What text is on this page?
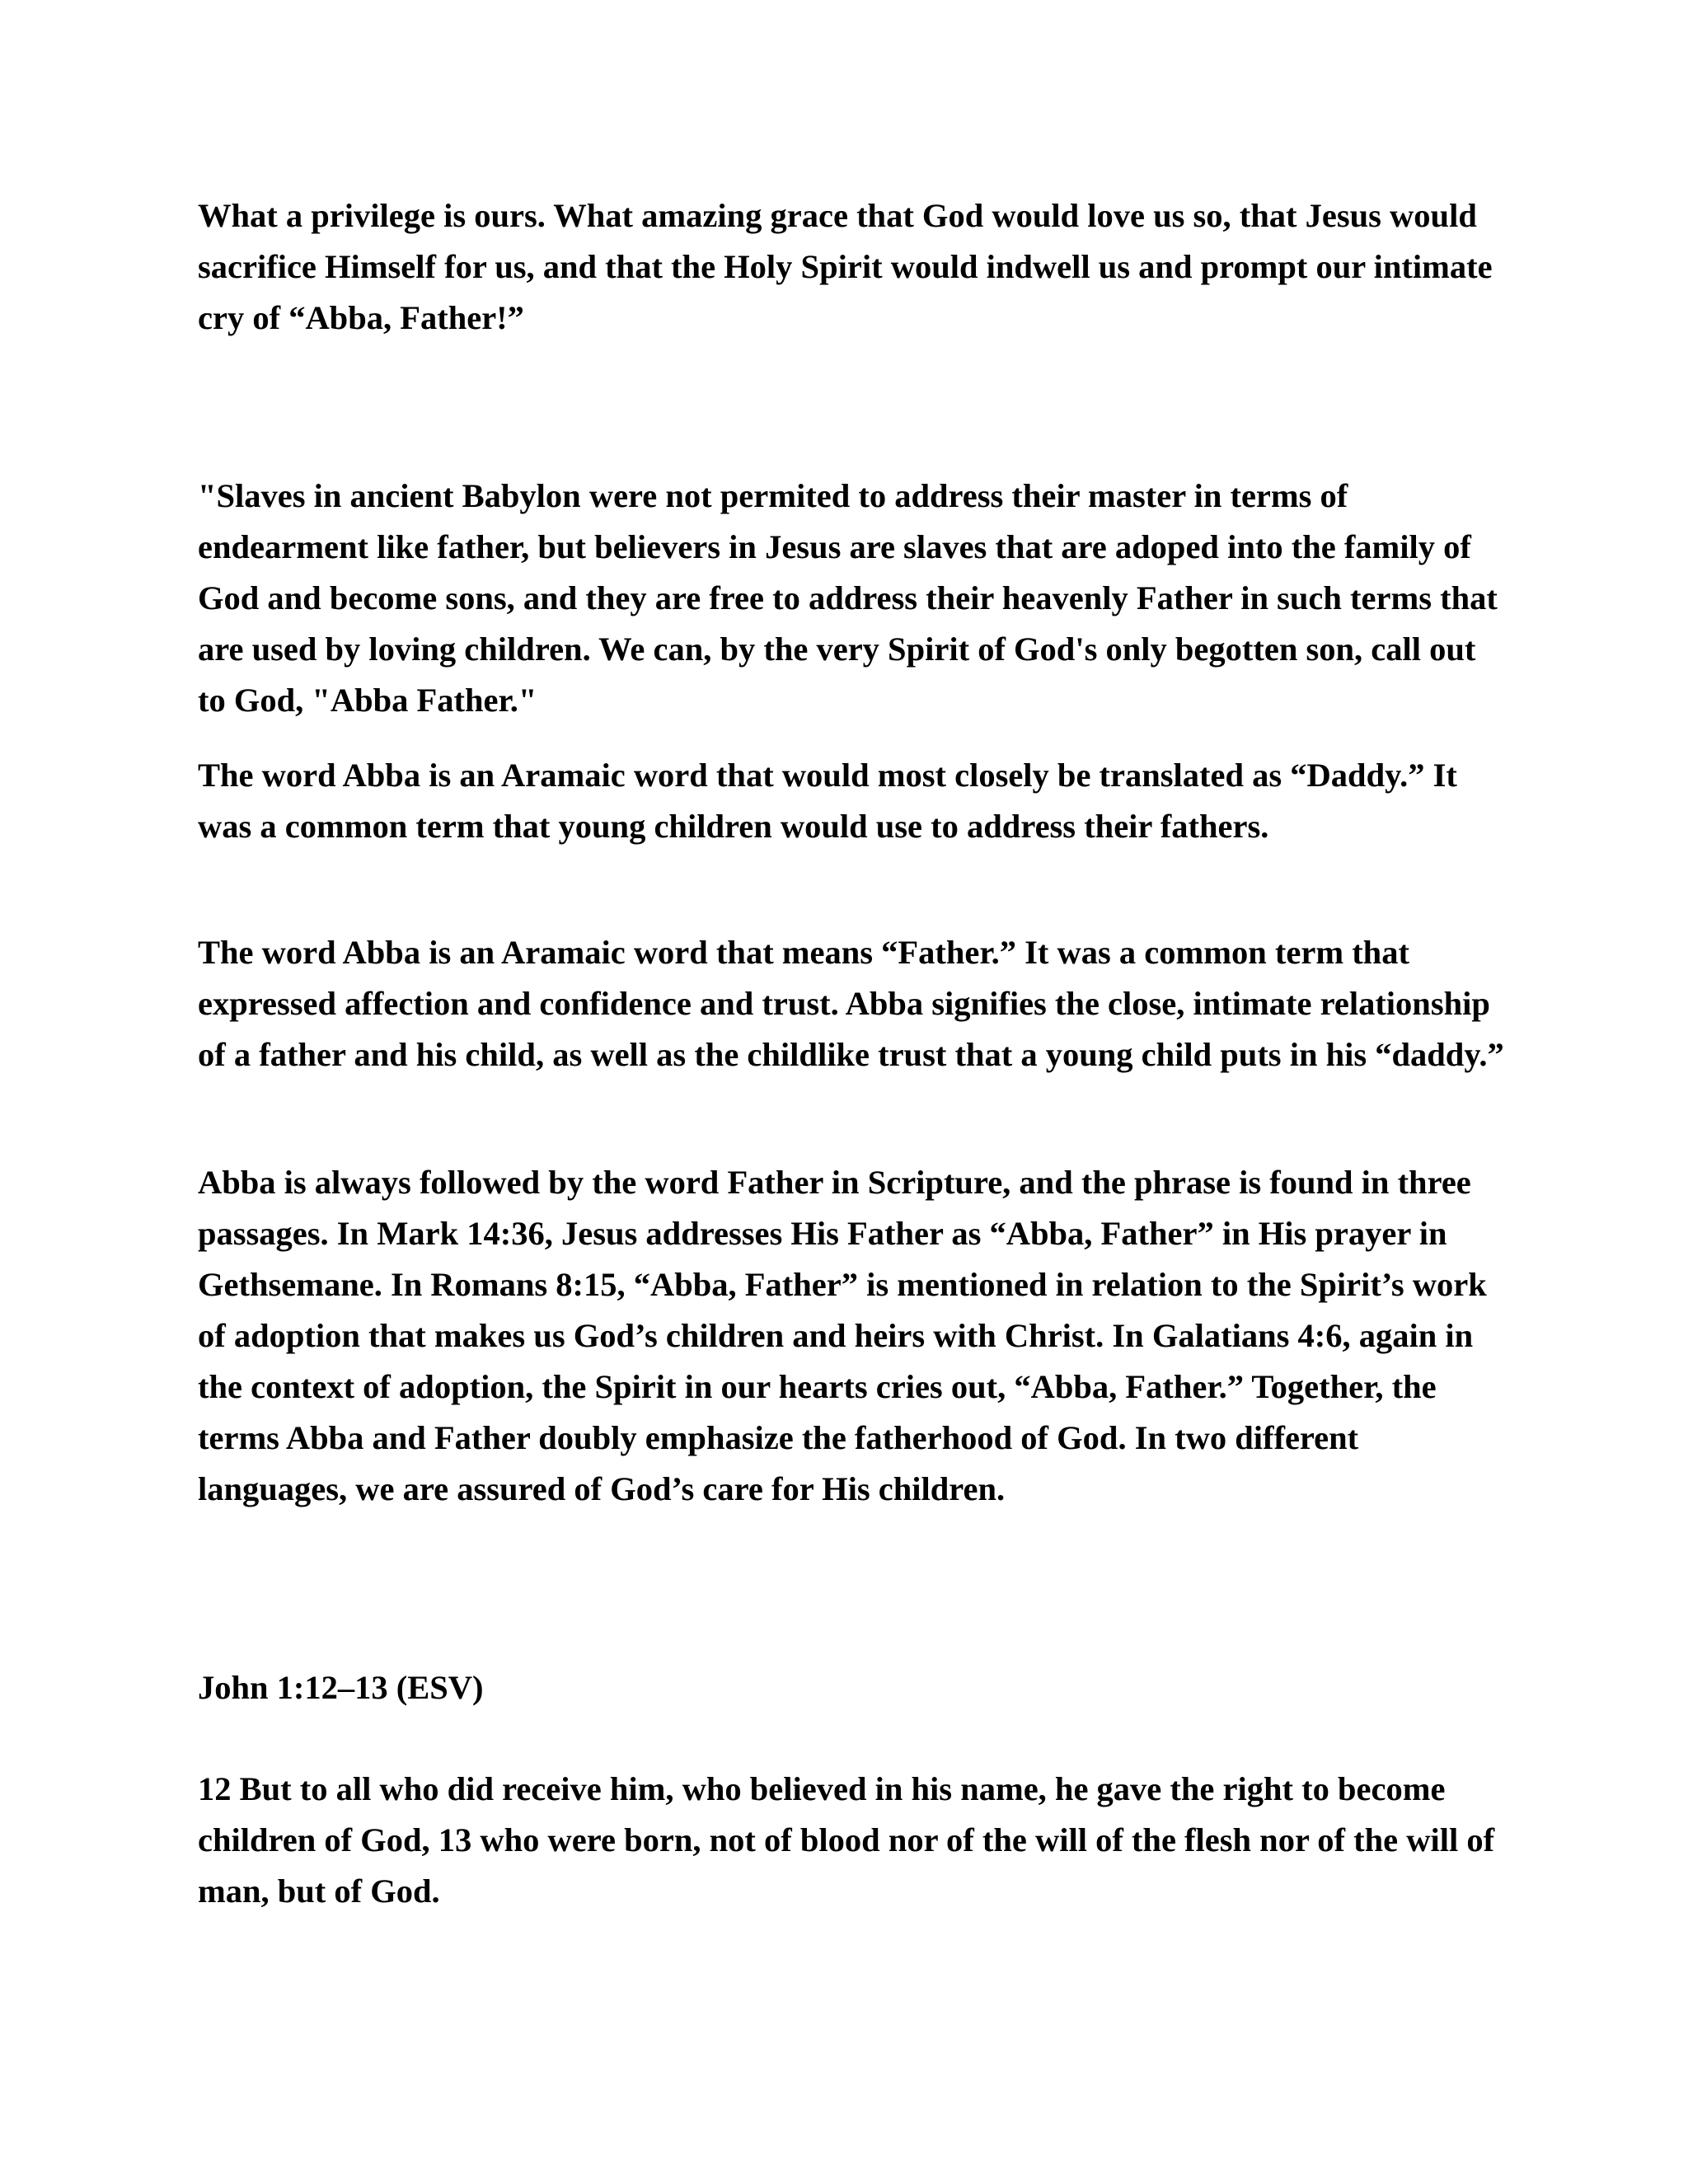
What a privilege is ours. What amazing grace that God would love us so, that Jesus would sacrifice Himself for us, and that the Holy Spirit would indwell us and prompt our intimate cry of “Abba, Father!”

"Slaves in ancient Babylon were not permited to address their master in terms of endearment like father, but believers in Jesus are slaves that are adoped into the family of God and become sons, and they are free to address their heavenly Father in such terms that are used by loving children. We can, by the very Spirit of God's only begotten son, call out to God, "Abba Father."

The word Abba is an Aramaic word that would most closely be translated as “Daddy.” It was a common term that young children would use to address their fathers.

The word Abba is an Aramaic word that means “Father.” It was a common term that expressed affection and confidence and trust. Abba signifies the close, intimate relationship of a father and his child, as well as the childlike trust that a young child puts in his “daddy.”

Abba is always followed by the word Father in Scripture, and the phrase is found in three passages. In Mark 14:36, Jesus addresses His Father as “Abba, Father” in His prayer in Gethsemane. In Romans 8:15, “Abba, Father” is mentioned in relation to the Spirit’s work of adoption that makes us God’s children and heirs with Christ. In Galatians 4:6, again in the context of adoption, the Spirit in our hearts cries out, “Abba, Father.” Together, the terms Abba and Father doubly emphasize the fatherhood of God. In two different languages, we are assured of God’s care for His children.

John 1:12–13 (ESV)

12 But to all who did receive him, who believed in his name, he gave the right to become children of God, 13 who were born, not of blood nor of the will of the flesh nor of the will of man, but of God.
